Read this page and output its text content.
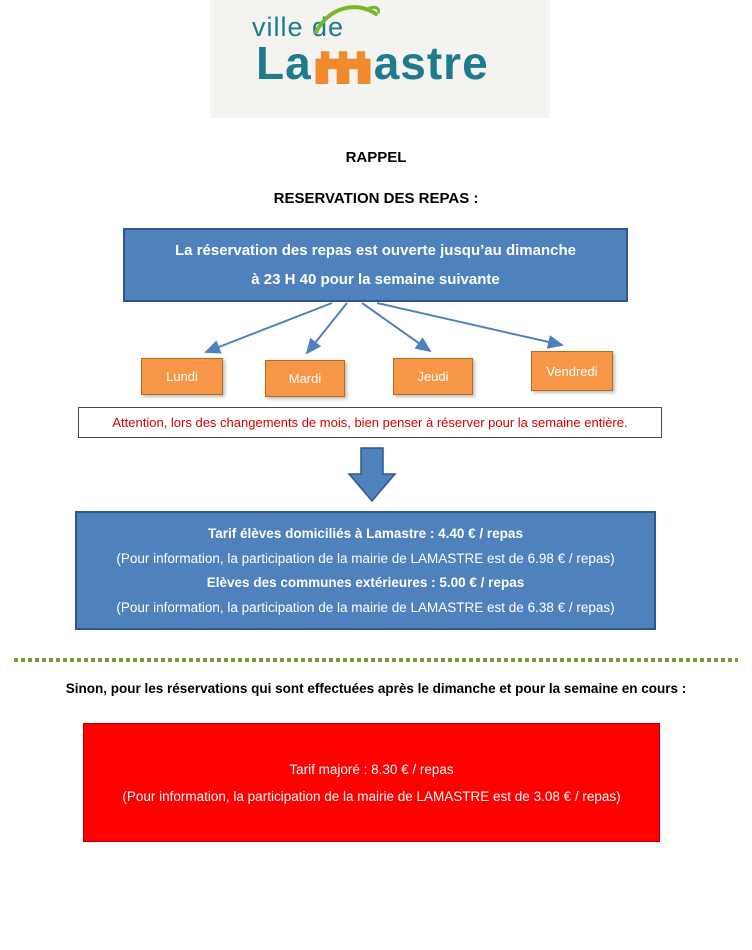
ville de
La astre
RAPPEL
RESERVATION DES REPAS :
La réservation des repas est ouverte jusqu’au dimanche
à 23 H 40 pour la semaine suivante
Lundi	Mardi	Jeudi	Vendredi
Attention, lors des changements de mois, bien penser à réserver pour la semaine entière.
Tarif élèves domiciliés à Lamastre : 4.40 € / repas
(Pour information, la participation de la mairie de LAMASTRE est de 6.98 € / repas)
Elèves des communes extérieures : 5.00 € / repas
(Pour information, la participation de la mairie de LAMASTRE est de 6.38 € / repas)
Sinon, pour les réservations qui sont effectuées après le dimanche et pour la semaine en cours :
Tarif majoré : 8.30 € / repas
(Pour information, la participation de la mairie de LAMASTRE est de 3.08 € / repas)
